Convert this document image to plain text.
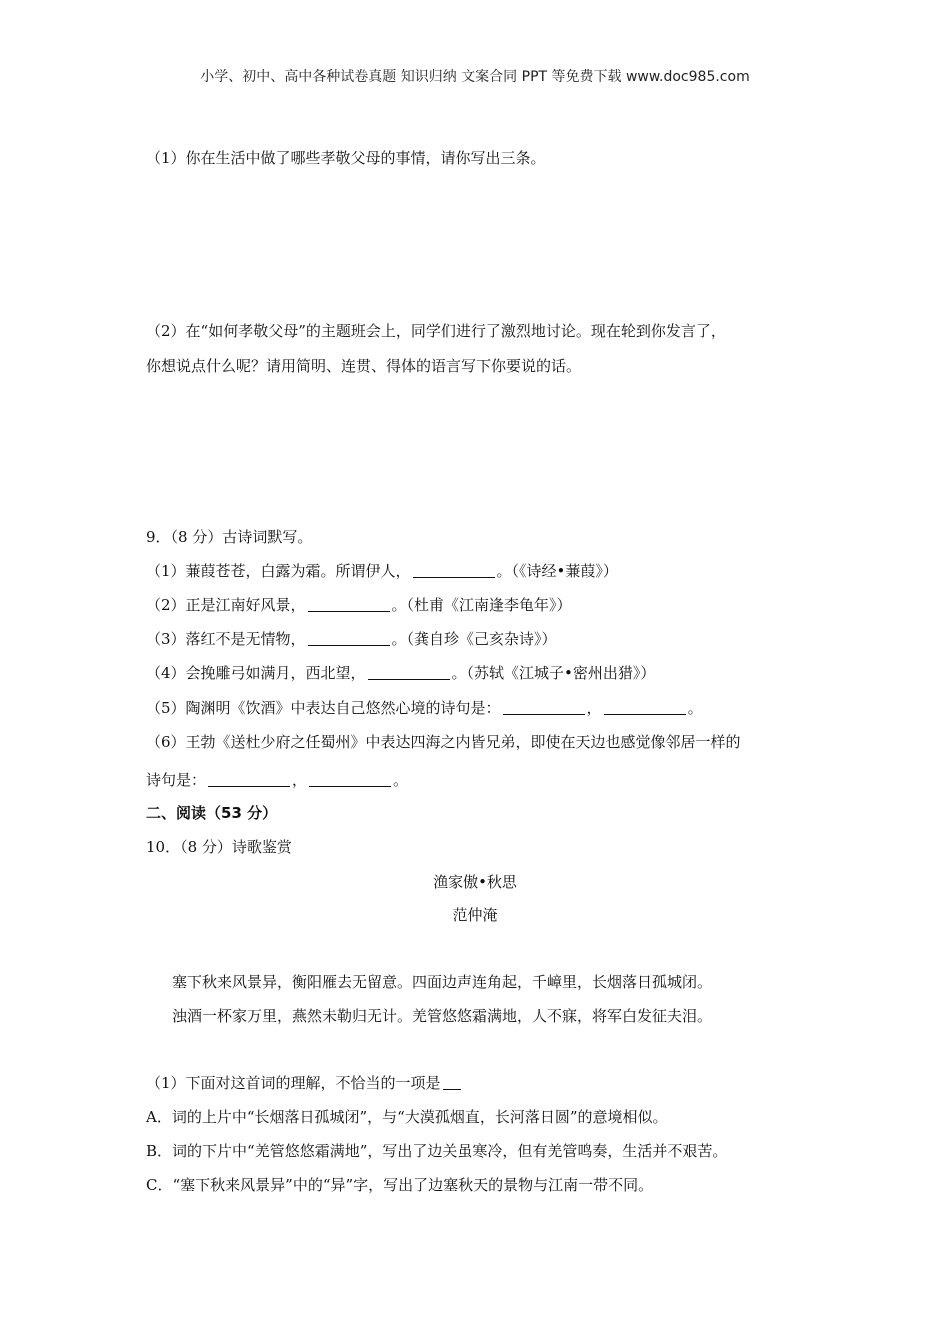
小学、初中、高中各种试卷真题 知识归纳 文案合同 PPT 等免费下载 www.doc985.com
（1）你在生活中做了哪些孝敬父母的事情，请你写出三条。
（2）在“如何孝敬父母”的主题班会上，同学们进行了激烈地讨论。现在轮到你发言了，
你想说点什么呢？请用简明、连贯、得体的语言写下你要说的话。
9．（8 分）古诗词默写。
（1）蒹葭苍苍，白露为霜。所谓伊人，	。（《诗经•蒹葭》）
（2）正是江南好风景，	。（杜甫《江南逢李龟年》）
（3）落红不是无情物，	。（龚自珍《己亥杂诗》）
（4）会挽雕弓如满月，西北望，	。（苏轼《江城子•密州出猎》）
（5）陶渊明《饮酒》中表达自己悠然心境的诗句是：	，	。
（6）王勃《送杜少府之任蜀州》中表达四海之内皆兄弟，即使在天边也感觉像邻居一样的
诗句是：	，	。
二、阅读（53 分）
10．（8 分）诗歌鉴赏
渔家傲•秋思
范仲淹
塞下秋来风景异，衡阳雁去无留意。四面边声连角起，千嶂里，长烟落日孤城闭。
浊酒一杯家万里，燕然未勒归无计。羌管悠悠霜满地，人不寐，将军白发征夫泪。
（1）下面对这首词的理解，不恰当的一项是
A．词的上片中“长烟落日孤城闭”，与“大漠孤烟直，长河落日圆”的意境相似。
B．词的下片中“羌管悠悠霜满地”，写出了边关虽寒冷，但有羌管鸣奏，生活并不艰苦。
C．“塞下秋来风景异”中的“异”字，写出了边塞秋天的景物与江南一带不同。
